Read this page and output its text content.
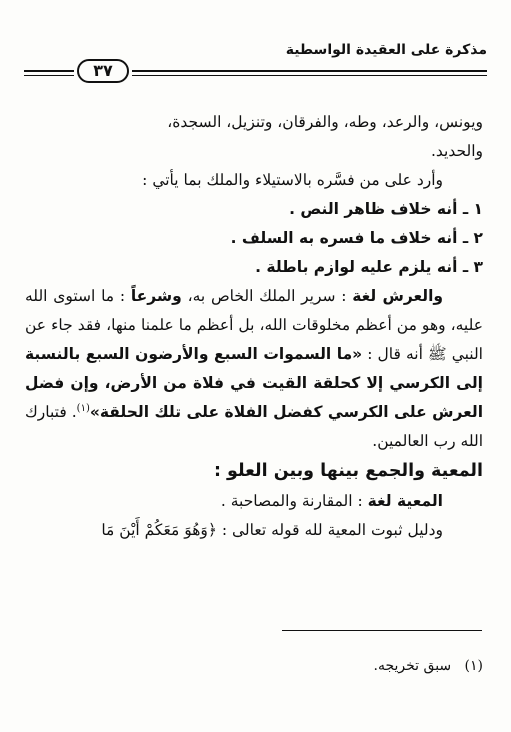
مذكرة على العقيدة الواسطية
٣٧

ويونس، والرعد، وطه، والفرقان، وتنزيل، السجدة،

والحديد.

وأرد على من فسَّره بالاستيلاء والملك بما يأتي :

١ ـ أنه خلاف ظاهر النص .

٢ ـ أنه خلاف ما فسره به السلف .

٣ ـ أنه يلزم عليه لوازم باطلة .

والعرش لغة : سرير الملك الخاص به، وشرعاً : ما استوى الله عليه، وهو من أعظم مخلوقات الله، بل أعظم ما علمنا منها، فقد جاء عن النبي ﷺ أنه قال : «ما السموات السبع والأرضون السبع بالنسبة إلى الكرسي إلا كحلقة القيت في فلاة من الأرض، وإن فضل العرش على الكرسي كفضل الفلاة على تلك الحلقة»$^{(١)}$. فتبارك الله رب العالمين.

المعية والجمع بينها وبين العلو :

المعية لغة : المقارنة والمصاحبة .

ودليل ثبوت المعية لله قوله تعالى : ﴿وَهُوَ مَعَكُمْ أَيْنَ مَا

(١)   سبق تخريجه.
